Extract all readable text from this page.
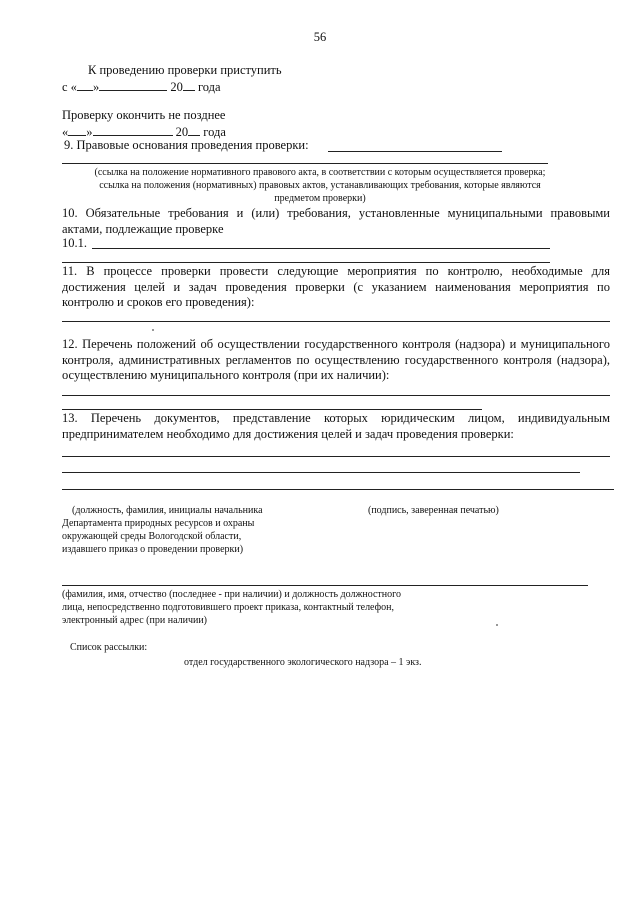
56
К проведению проверки приступить
с « »	20 года
Проверку окончить не позднее
« »	20 года
9. Правовые основания проведения проверки:
(ссылка на положение нормативного правового акта, в соответствии с которым осуществляется проверка;
ссылка на положения (нормативных) правовых актов, устанавливающих требования, которые являются
предметом проверки)
10. Обязательные требования и (или) требования, установленные муниципальными правовыми актами, подлежащие проверке
10.1.
11. В процессе проверки провести следующие мероприятия по контролю, необходимые для достижения целей и задач проведения проверки (с указанием наименования мероприятия по контролю и сроков его проведения):
12. Перечень положений об осуществлении государственного контроля (надзора) и муниципального контроля, административных регламентов по осуществлению государственного контроля (надзора), осуществлению муниципального контроля (при их наличии):
13. Перечень документов, представление которых юридическим лицом, индивидуальным предпринимателем необходимо для достижения целей и задач проведения проверки:
(должность, фамилия, инициалы начальника
Департамента природных ресурсов и охраны
окружающей среды Вологодской области,
издавшего приказ о проведении проверки)
(подпись, заверенная печатью)
(фамилия, имя, отчество (последнее - при наличии) и должность должностного
лица, непосредственно подготовившего проект приказа, контактный телефон,
электронный адрес (при наличии)
Список рассылки:
отдел государственного экологического надзора – 1 экз.
